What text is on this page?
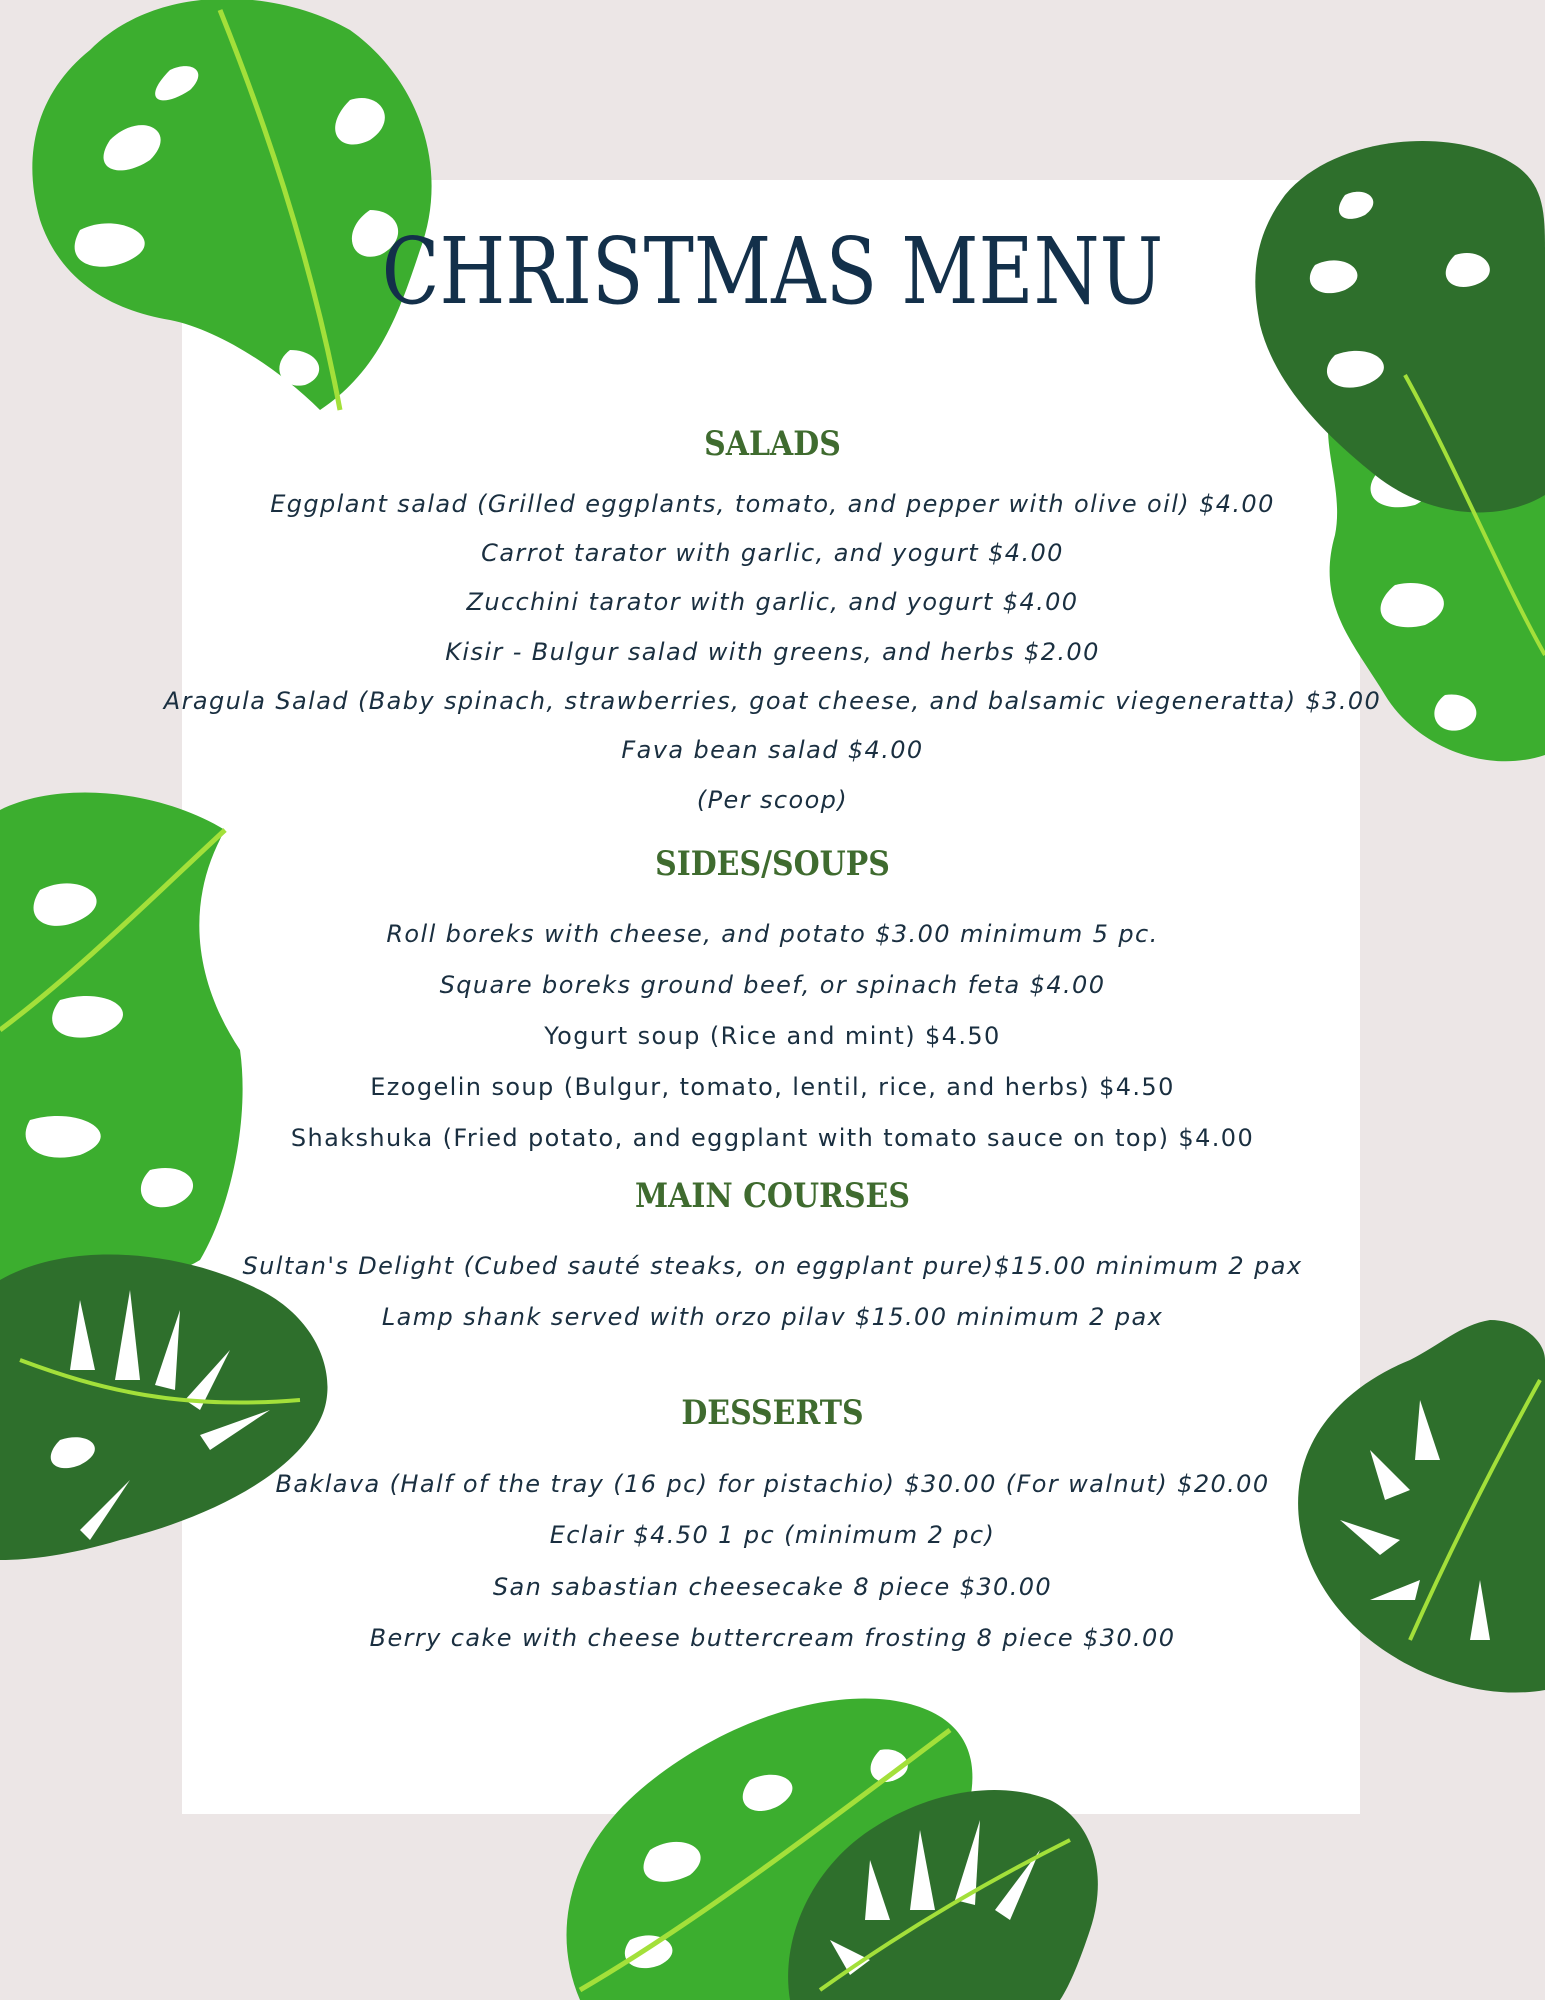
CHRISTMAS MENU
SALADS

Eggplant salad (Grilled eggplants, tomato, and pepper with olive oil) $4.00

Carrot tarator with garlic, and yogurt $4.00

Zucchini tarator with garlic, and yogurt $4.00

Kisir - Bulgur salad with greens, and herbs $2.00

Aragula Salad (Baby spinach, strawberries, goat cheese, and balsamic viegeneratta) $3.00

Fava bean salad $4.00

(Per scoop)

SIDES/SOUPS

Roll boreks with cheese, and potato $3.00 minimum 5 pc.

Square boreks ground beef, or spinach feta $4.00

Yogurt soup (Rice and mint) $4.50

Ezogelin soup (Bulgur, tomato, lentil, rice, and herbs) $4.50

Shakshuka (Fried potato, and eggplant with tomato sauce on top) $4.00

MAIN COURSES

Sultan's Delight (Cubed sauté steaks, on eggplant pure)$15.00 minimum 2 pax

Lamp shank served with orzo pilav $15.00 minimum 2 pax

DESSERTS

Baklava (Half of the tray (16 pc) for pistachio) $30.00 (For walnut) $20.00

Eclair $4.50 1 pc (minimum 2 pc)

San sabastian cheesecake 8 piece $30.00

Berry cake with cheese buttercream frosting 8 piece $30.00
